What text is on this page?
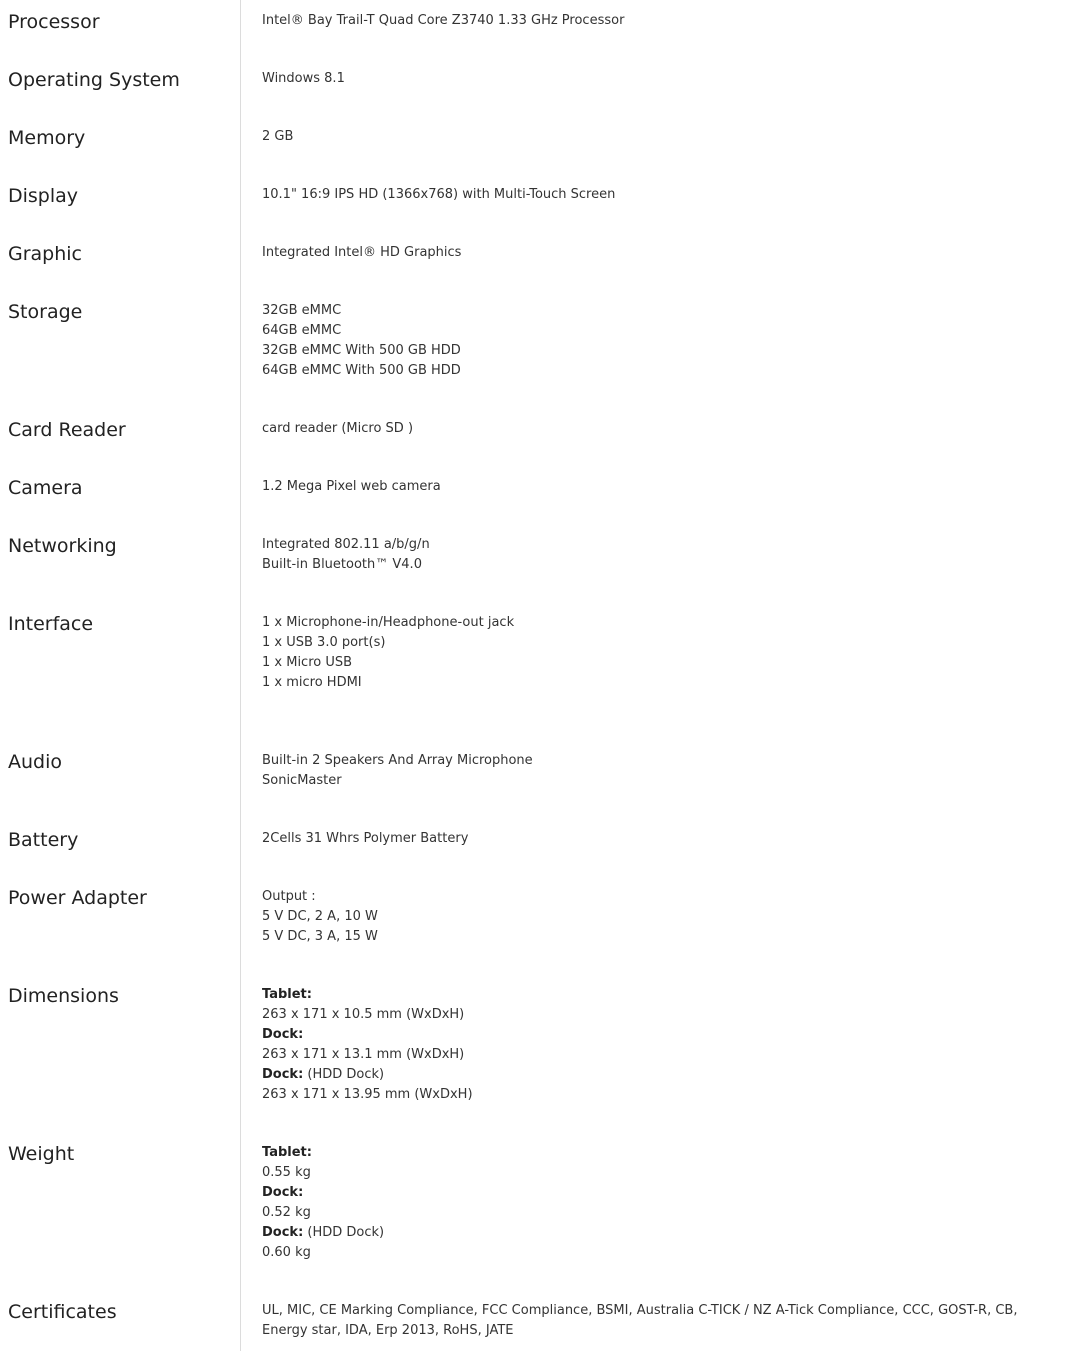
Processor	Intel® Bay Trail-T Quad Core Z3740 1.33 GHz Processor
Operating System	Windows 8.1
Memory	2 GB
Display	10.1" 16:9 IPS HD (1366x768) with Multi-Touch Screen
Graphic	Integrated Intel® HD Graphics
Storage	32GB eMMC
64GB eMMC
32GB eMMC With 500 GB HDD
64GB eMMC With 500 GB HDD
Card Reader	card reader (Micro SD )
Camera	1.2 Mega Pixel web camera
Networking	Integrated 802.11 a/b/g/n
Built-in Bluetooth™ V4.0
Interface	1 x Microphone-in/Headphone-out jack
1 x USB 3.0 port(s)
1 x Micro USB
1 x micro HDMI
Audio	Built-in 2 Speakers And Array Microphone
SonicMaster
Battery	2Cells 31 Whrs Polymer Battery
Power Adapter	Output :
5 V DC, 2 A, 10 W
5 V DC, 3 A, 15 W
Dimensions	Tablet:
263 x 171 x 10.5 mm (WxDxH)
Dock:
263 x 171 x 13.1 mm (WxDxH)
Dock: (HDD Dock)
263 x 171 x 13.95 mm (WxDxH)
Weight	Tablet:
0.55 kg
Dock:
0.52 kg
Dock: (HDD Dock)
0.60 kg
Certificates	UL, MIC, CE Marking Compliance, FCC Compliance, BSMI, Australia C-TICK / NZ A-Tick Compliance, CCC, GOST-R, CB, Energy star, IDA, Erp 2013, RoHS, JATE
